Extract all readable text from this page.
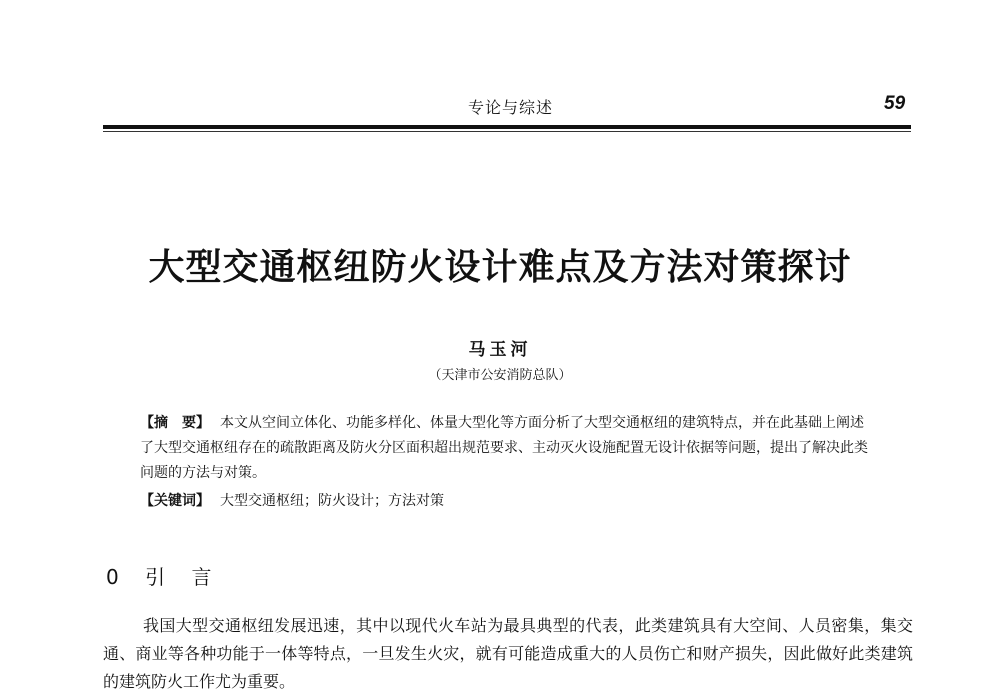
专论与综述	59
大型交通枢纽防火设计难点及方法对策探讨
马玉河
（天津市公安消防总队）
【摘　要】 本文从空间立体化、功能多样化、体量大型化等方面分析了大型交通枢纽的建筑特点，并在此基础上阐述了大型交通枢纽存在的疏散距离及防火分区面积超出规范要求、主动灭火设施配置无设计依据等问题，提出了解决此类问题的方法与对策。
【关键词】 大型交通枢纽；防火设计；方法对策
0 引 言
我国大型交通枢纽发展迅速，其中以现代火车站为最具典型的代表，此类建筑具有大空间、人员密集，集交通、商业等各种功能于一体等特点，一旦发生火灾，就有可能造成重大的人员伤亡和财产损失，因此做好此类建筑的建筑防火工作尤为重要。
